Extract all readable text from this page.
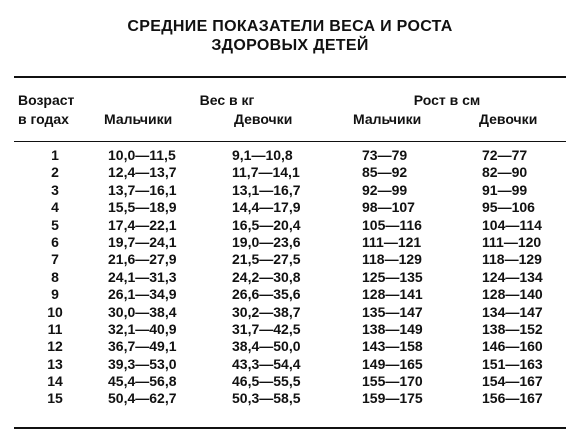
СРЕДНИЕ ПОКАЗАТЕЛИ ВЕСА И РОСТА
ЗДОРОВЫХ ДЕТЕЙ
Возраст
в годах
Вес в кг	Рост в см
Мальчики	Девочки	Мальчики	Девочки
1	10,0—11,5	9,1—10,8	73—79	72—77
2	12,4—13,7	11,7—14,1	85—92	82—90
3	13,7—16,1	13,1—16,7	92—99	91—99
4	15,5—18,9	14,4—17,9	98—107	95—106
5	17,4—22,1	16,5—20,4	105—116	104—114
6	19,7—24,1	19,0—23,6	111—121	111—120
7	21,6—27,9	21,5—27,5	118—129	118—129
8	24,1—31,3	24,2—30,8	125—135	124—134
9	26,1—34,9	26,6—35,6	128—141	128—140
10	30,0—38,4	30,2—38,7	135—147	134—147
11	32,1—40,9	31,7—42,5	138—149	138—152
12	36,7—49,1	38,4—50,0	143—158	146—160
13	39,3—53,0	43,3—54,4	149—165	151—163
14	45,4—56,8	46,5—55,5	155—170	154—167
15	50,4—62,7	50,3—58,5	159—175	156—167
